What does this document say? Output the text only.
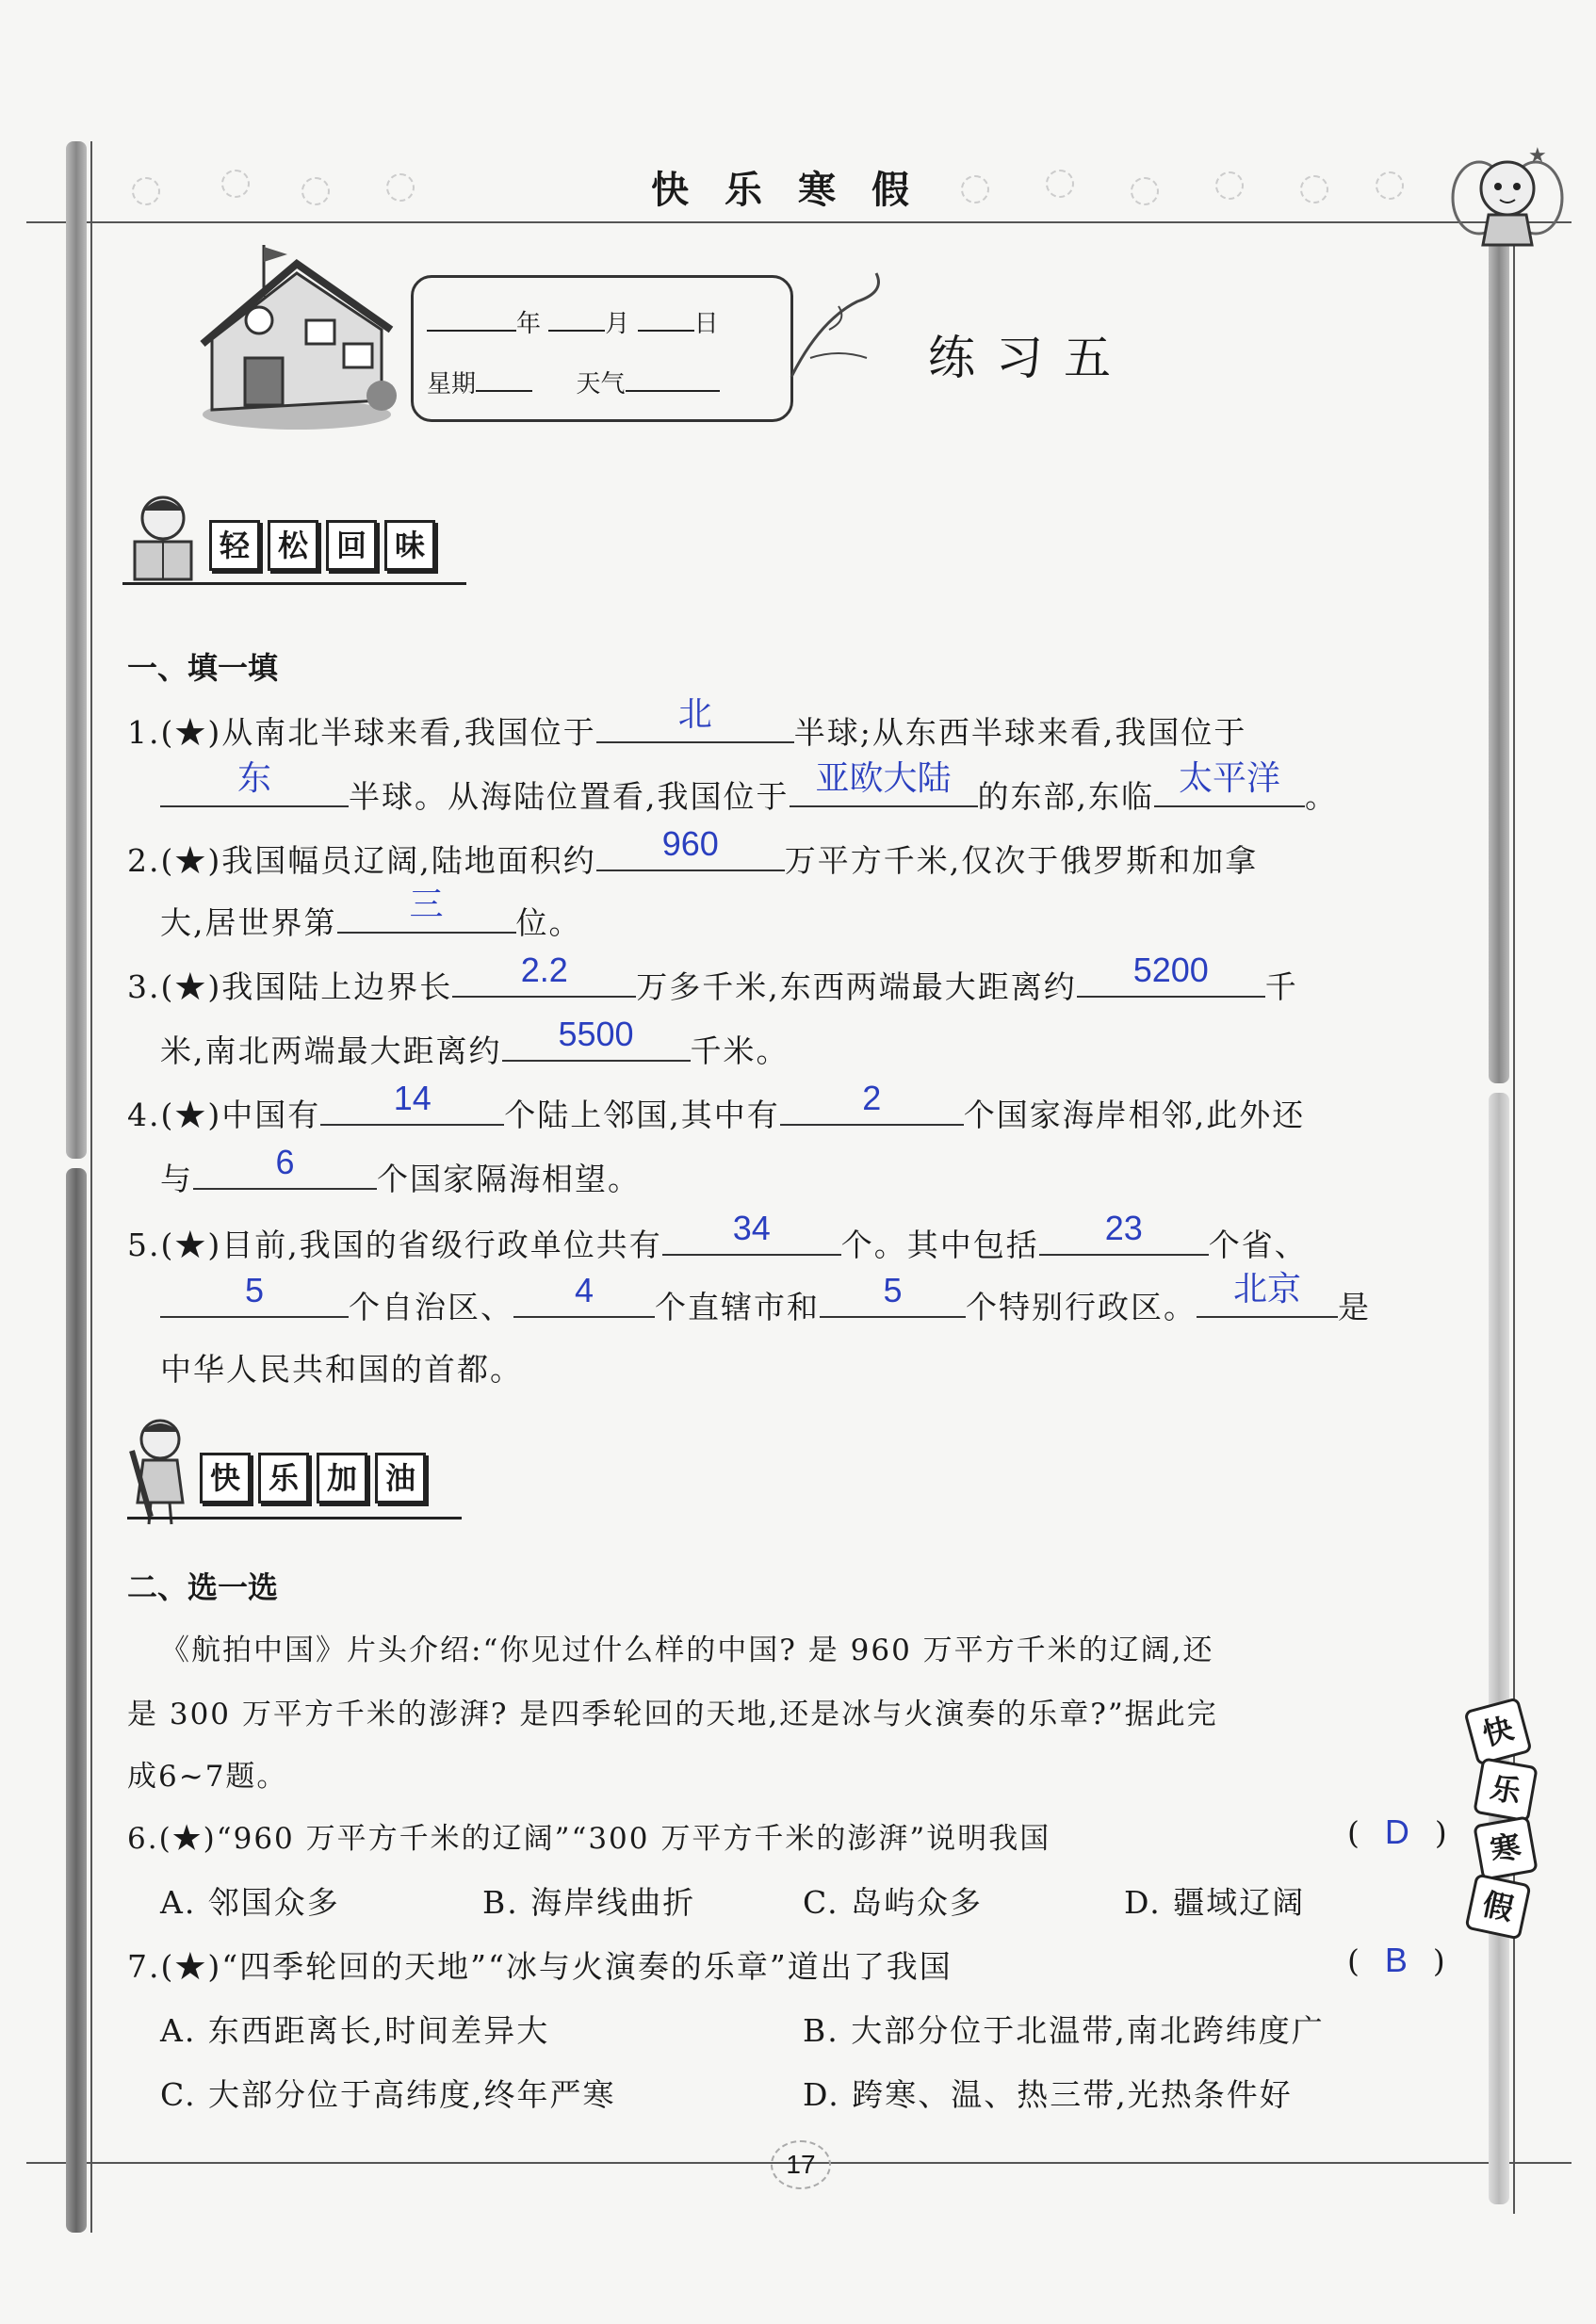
快乐寒假
★
年	月	日
星期	天气	练习五
轻 松 回 味
一、填一填
1.(★)从南北半球来看,我国位于	北	半球;从东西半球来看,我国位于
东	半球。从海陆位置看,我国位于 亚欧大陆 的东部,东临 太平洋 。
2.(★)我国幅员辽阔,陆地面积约	960	万平方千米,仅次于俄罗斯和加拿
大,居世界第	三	位。
3.(★)我国陆上边界长	2.2	万多千米,东西两端最大距离约	5200	千
米,南北两端最大距离约	5500	千米。
4.(★)中国有	14	个陆上邻国,其中有	2	个国家海岸相邻,此外还
与	6	个国家隔海相望。
5.(★)目前,我国的省级行政单位共有	34	个。其中包括	23	个省、
5	个自治区、	4	个直辖市和	5	个特别行政区。	北京	是
中华人民共和国的首都。
快 乐 加 油
二、选一选
《航拍中国》片头介绍:“你见过什么样的中国? 是 960 万平方千米的辽阔,还
是 300 万平方千米的澎湃? 是四季轮回的天地,还是冰与火演奏的乐章?”据此完
成6~7题。
6.(★)“960 万平方千米的辽阔”“300 万平方千米的澎湃”说明我国	(  D  )
A. 邻国众多	B. 海岸线曲折	C. 岛屿众多	D. 疆域辽阔
7.(★)“四季轮回的天地”“冰与火演奏的乐章”道出了我国	(  B  )
A. 东西距离长,时间差异大	B. 大部分位于北温带,南北跨纬度广
C. 大部分位于高纬度,终年严寒	D. 跨寒、温、热三带,光热条件好
快
乐
寒
假
17
